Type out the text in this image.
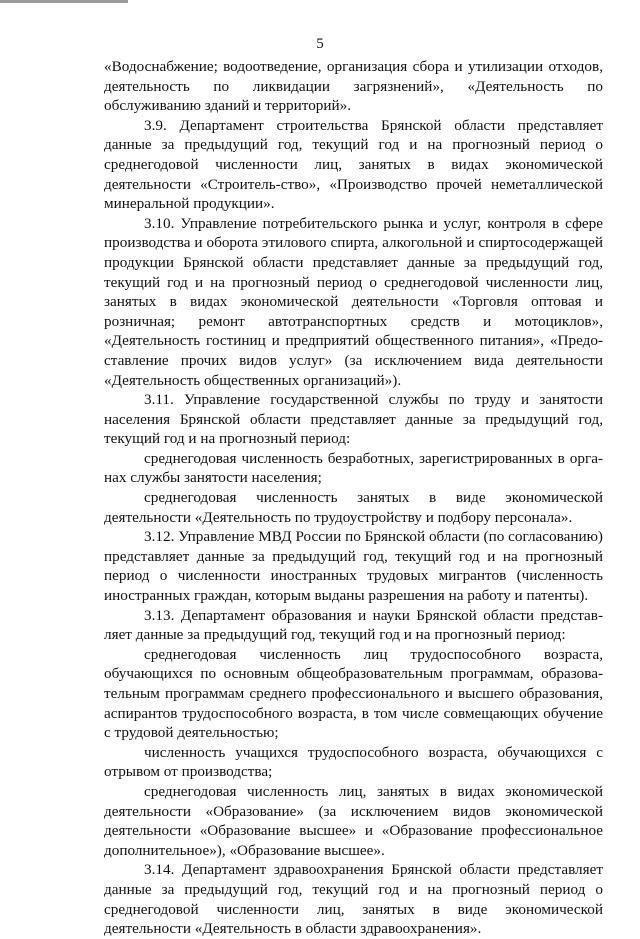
5

«Водоснабжение; водоотведение, организация сбора и утилизации отходов, деятельность по ликвидации загрязнений», «Деятельность по обслуживанию зданий и территорий».

3.9. Департамент строительства Брянской области представляет данные за предыдущий год, текущий год и на прогнозный период о среднегодовой численности лиц, занятых в видах экономической деятельности «Строитель-ство», «Производство прочей неметаллической минеральной продукции».

3.10. Управление потребительского рынка и услуг, контроля в сфере производства и оборота этилового спирта, алкогольной и спиртосодержащей продукции Брянской области представляет данные за предыдущий год, текущий год и на прогнозный период о среднегодовой численности лиц, занятых в видах экономической деятельности «Торговля оптовая и розничная; ремонт автотранспортных средств и мотоциклов», «Деятельность гостиниц и предприятий общественного питания», «Предо-ставление прочих видов услуг» (за исключением вида деятельности «Деятельность общественных организаций»).

3.11. Управление государственной службы по труду и занятости населения Брянской области представляет данные за предыдущий год, текущий год и на прогнозный период:

среднегодовая численность безработных, зарегистрированных в орга-нах службы занятости населения;

среднегодовая численность занятых в виде экономической деятельности «Деятельность по трудоустройству и подбору персонала».

3.12. Управление МВД России по Брянской области (по согласованию) представляет данные за предыдущий год, текущий год и на прогнозный период о численности иностранных трудовых мигрантов (численность иностранных граждан, которым выданы разрешения на работу и патенты).

3.13. Департамент образования и науки Брянской области представ-ляет данные за предыдущий год, текущий год и на прогнозный период:

среднегодовая численность лиц трудоспособного возраста, обучающихся по основным общеобразовательным программам, образова-тельным программам среднего профессионального и высшего образования, аспирантов трудоспособного возраста, в том числе совмещающих обучение с трудовой деятельностью;

численность учащихся трудоспособного возраста, обучающихся с отрывом от производства;

среднегодовая численность лиц, занятых в видах экономической деятельности «Образование» (за исключением видов экономической деятельности «Образование высшее» и «Образование профессиональное дополнительное»), «Образование высшее».

3.14. Департамент здравоохранения Брянской области представляет данные за предыдущий год, текущий год и на прогнозный период о среднегодовой численности лиц, занятых в виде экономической деятельности «Деятельность в области здравоохранения».
